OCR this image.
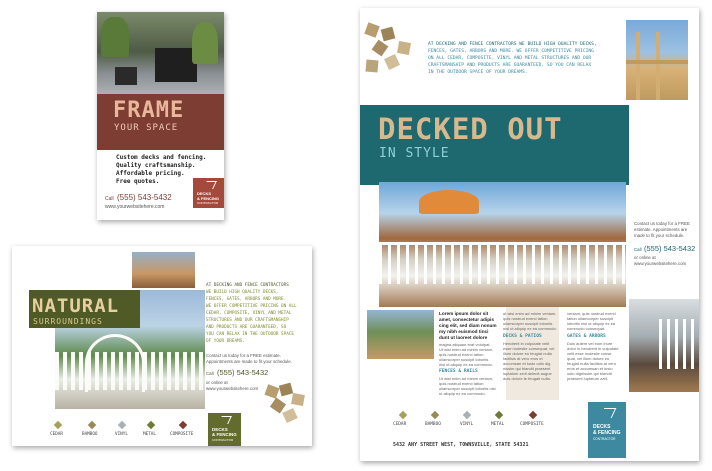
FRAME
YOUR SPACE
Custom decks and fencing.
Quality craftsmanship.
Affordable pricing.
Free quotes.
Call (555) 543-5432
www.yourwebsitehere.com
DECKS
& FENCING
CONTRACTOR
NATURAL
SURROUNDINGS
AT DECKING AND FENCE CONTRACTORS
WE BUILD HIGH QUALITY DECKS,
FENCES, GATES, ARBORS AND MORE.
WE OFFER COMPETITIVE PRICING ON ALL
CEDAR, COMPOSITE, VINYL AND METAL
STRUCTURES AND OUR CRAFTSMANSHIP
AND PRODUCTS ARE GUARANTEED, SO
YOU CAN RELAX IN THE OUTDOOR SPACE
OF YOUR DREAMS.
Contact us today for a FREE estimate.
Appointments are made to fit your schedule.
Call (555) 543-5432
or online at
www.yourwebsitehere.com
CEDAR	BAMBOO	VINYL	METAL	COMPOSITE
DECKS
& FENCING
CONTRACTOR
AT DECKING AND FENCE CONTRACTORS WE BUILD HIGH QUALITY DECKS,
FENCES, GATES, ARBORS AND MORE. WE OFFER COMPETITIVE PRICING
ON ALL CEDAR, COMPOSITE, VINYL AND METAL STRUCTURES AND OUR
CRAFTSMANSHIP AND PRODUCTS ARE GUARANTEED, SO YOU CAN RELAX
IN THE OUTDOOR SPACE OF YOUR DREAMS.
DECKED OUT
IN STYLE
Contact us today for a FREE
estimate. Appointments are
made to fit your schedule.
Call (555) 543-5432
or online at
www.yourwebsitehere.com
Lorem ipsum dolor sit
amet, consectetur adipis
cing elit, sed diam nonum
my nibh euismod tinci
dunt ut laoreet dolore
magna aliquam erat volutpat.
Ut wisi enim ad minim veniam,
quis nostrud exerci tation
ullamcorper suscipit lobortis
nisl ut aliquip ex ea commodo.
FENCES & RAILS
Ut wisi enim ad minim veniam,
quis nostrud exerci tation
ullamcorper suscipit lobortis nisl
ut aliquip ex ea commodo.
ut wisi enim ad minim veniam,
quis nostrud exerci tation
ullamcorper suscipit lobortis
nisl ut aliquip ex ea commodo.
DECKS & PATIOS
Hendrerit in vulputate velit
esse molestie consequat, vel
illum dolore eu feugiat nulla
facilisis at vero eros et
accumsan et iusto odio dig
nissim qui blandit praesent
luptatum zzril delenit augue
duis dolore te feugait nulla.
veniam, quis nostrud exerci
tation ullamcorper suscipit
lobortis nisl ut aliquip ex ea
commodo consequat.
GATES & ARBORS
Duis autem vel eum iriure
dolor in hendrerit in vulputate
velit esse molestie conse
quat, vel illum dolore eu
feugiat nulla facilisis at vero
eros et accumsan et iusto
odio dignissim qui blandit
praesent luptatum zzril.
CEDAR	BAMBOO	VINYL	METAL	COMPOSITE
5432 ANY STREET WEST, TOWNSVILLE, STATE 54321
DECKS
& FENCING
CONTRACTOR
